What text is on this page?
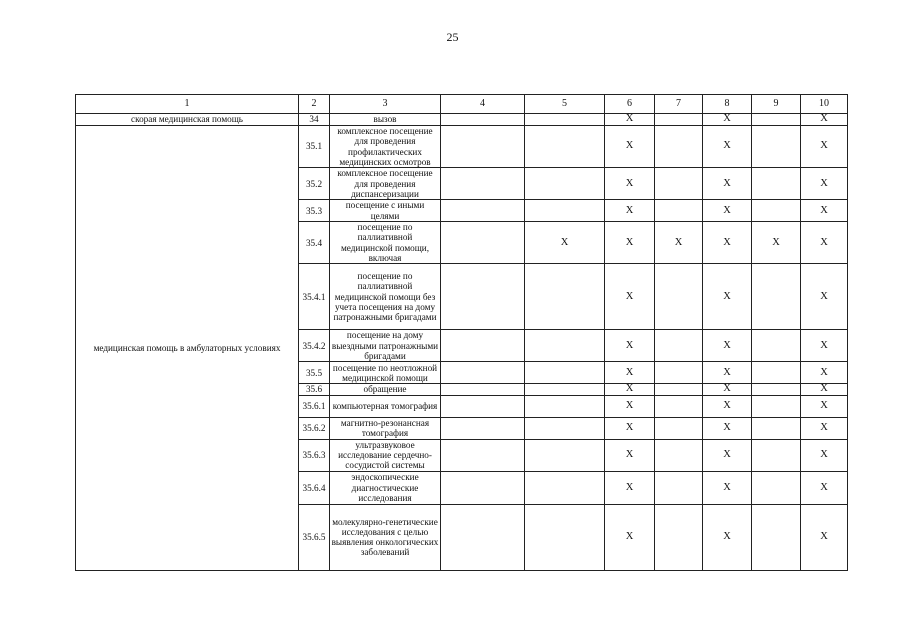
25
1	2	3	4	5	6	7	8	9	10
скорая медицинская помощь	34	вызов			X		X		X
медицинская помощь в амбулаторных условиях	35.1	комплексное посещение для проведения профилактических медицинских осмотров			X		X		X
	35.2	комплексное посещение для проведения диспансеризации			X		X		X
	35.3	посещение с иными целями			X		X		X
	35.4	посещение по паллиативной медицинской помощи, включая		X	X	X	X	X	X
	35.4.1	посещение по паллиативной медицинской помощи без учета посещения на дому патронажными бригадами			X		X		X
	35.4.2	посещение на дому выездными патронажными бригадами			X		X		X
	35.5	посещение по неотложной медицинской помощи			X		X		X
	35.6	обращение			X		X		X
	35.6.1	компьютерная томография			X		X		X
	35.6.2	магнитно-резонансная томография			X		X		X
	35.6.3	ультразвуковое исследование сердечно-сосудистой системы			X		X		X
	35.6.4	эндоскопические диагностические исследования			X		X		X
	35.6.5	молекулярно-генетические исследования с целью выявления онкологических заболеваний			X		X		X
